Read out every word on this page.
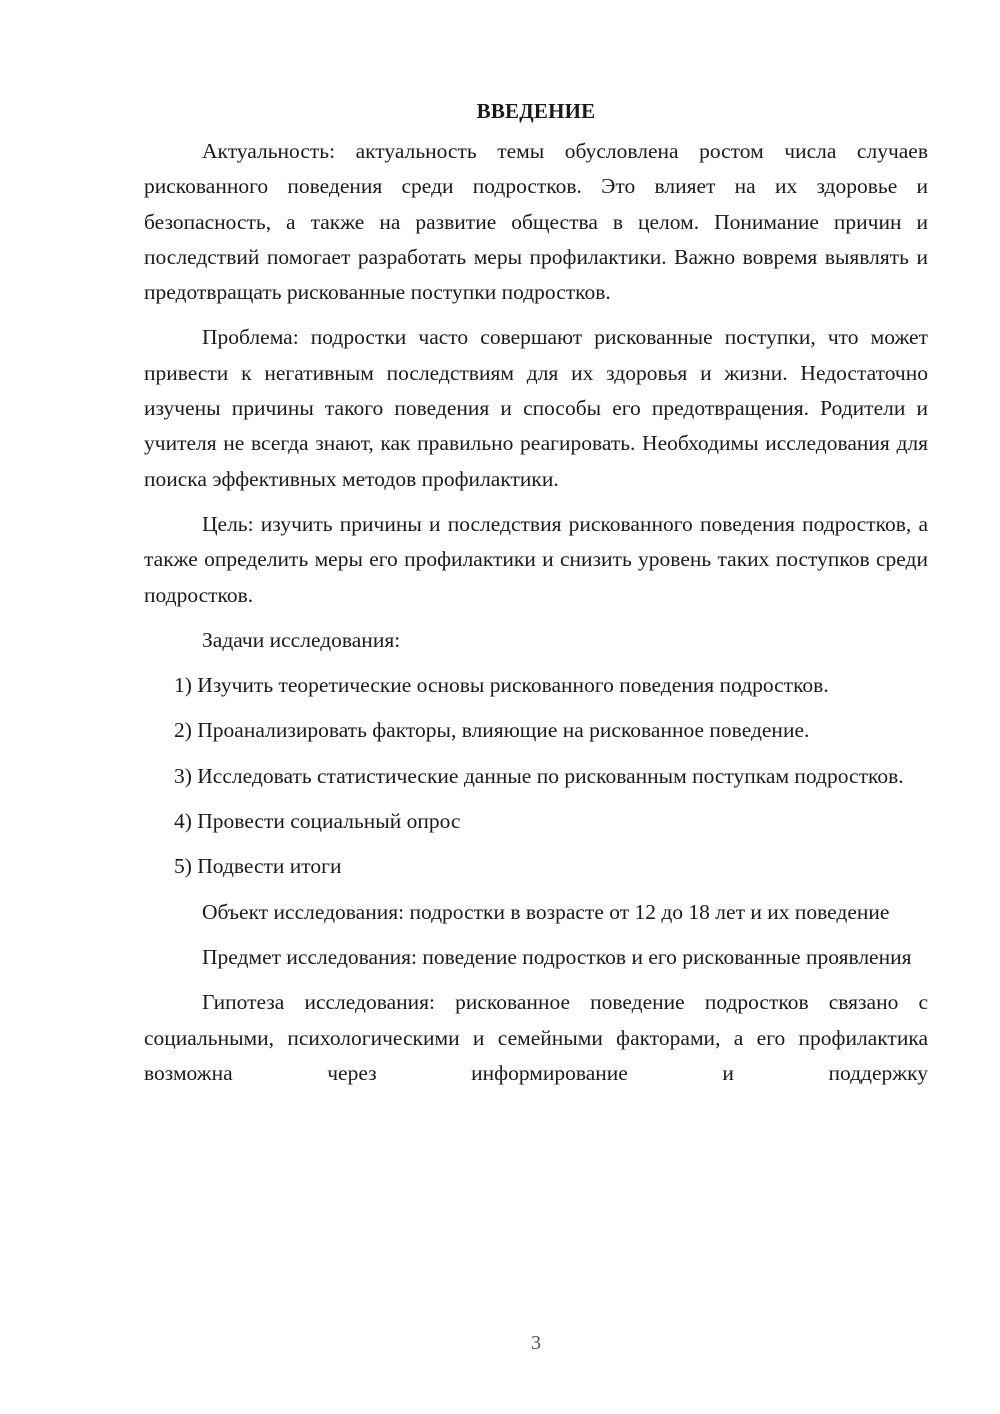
ВВЕДЕНИЕ

Актуальность: актуальность темы обусловлена ростом числа случаев рискованного поведения среди подростков. Это влияет на их здоровье и безопасность, а также на развитие общества в целом. Понимание причин и последствий помогает разработать меры профилактики. Важно вовремя выявлять и предотвращать рискованные поступки подростков.

Проблема: подростки часто совершают рискованные поступки, что может привести к негативным последствиям для их здоровья и жизни. Недостаточно изучены причины такого поведения и способы его предотвращения. Родители и учителя не всегда знают, как правильно реагировать. Необходимы исследования для поиска эффективных методов профилактики.

Цель: изучить причины и последствия рискованного поведения подростков, а также определить меры его профилактики и снизить уровень таких поступков среди подростков.

Задачи исследования:

1) Изучить теоретические основы рискованного поведения подростков.

2) Проанализировать факторы, влияющие на рискованное поведение.

3) Исследовать статистические данные по рискованным поступкам подростков.

4) Провести социальный опрос

5) Подвести итоги

Объект исследования: подростки в возрасте от 12 до 18 лет и их поведение

Предмет исследования: поведение подростков и его рискованные проявления

Гипотеза исследования: рискованное поведение подростков связано с социальными, психологическими и семейными факторами, а его профилактика возможна через информирование и поддержку

3
